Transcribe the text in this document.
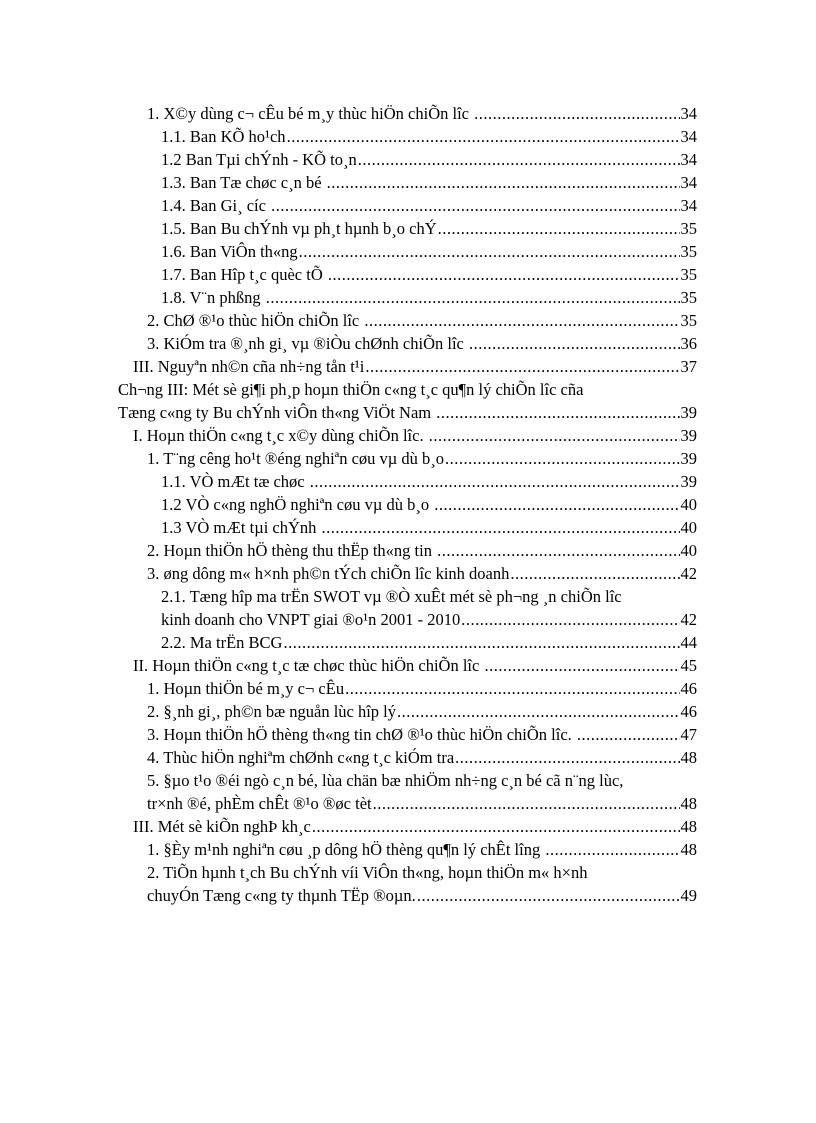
1. X©y dùng c¬ cÊu bé m¸y thùc hiÖn chiÕn lîc .....	34
1.1. Ban KÕ ho¹ch .....	34
1.2 Ban Tµi chÝnh - KÕ to¸n .....	34
1.3. Ban Tæ chøc c¸n bé .....	34
1.4. Ban Gi¸ cíc .....	34
1.5. Ban Bu chÝnh vµ ph¸t hµnh b¸o chÝ .....	35
1.6. Ban ViÔn th«ng .....	35
1.7. Ban Hîp t¸c quèc tÕ .....	35
1.8. V¨n phßng .....	35
2. ChØ ®¹o thùc hiÖn chiÕn lîc .....	35
3. KiÓm tra ®¸nh gi¸ vµ ®iÒu chØnh chiÕn lîc .....	36
III. Nguyªn nh©n cña nh÷ng tån t¹i .....	37
Ch¬ng III: Mét sè gi¶i ph¸p hoµn thiÖn c«ng t¸c qu¶n lý chiÕn lîc cña
Tæng c«ng ty Bu chÝnh viÔn th«ng ViÖt Nam .....	39
I. Hoµn thiÖn c«ng t¸c x©y dùng chiÕn lîc. .....	39
1. T¨ng cêng ho¹t ®éng nghiªn cøu vµ dù b¸o .....	39
1.1. VÒ mÆt tæ chøc .....	39
1.2 VÒ c«ng nghÖ nghiªn cøu vµ dù b¸o .....	40
1.3 VÒ mÆt tµi chÝnh .....	40
2. Hoµn thiÖn hÖ thèng thu thËp th«ng tin .....	40
3. øng dông m« h×nh ph©n tÝch chiÕn lîc kinh doanh .....	42
2.1. Tæng hîp ma trËn SWOT vµ ®Ò xuÊt mét sè ph¬ng ¸n chiÕn lîc
kinh doanh cho VNPT giai ®o¹n 2001 - 2010 .....	42
2.2. Ma trËn BCG .....	44
II. Hoµn thiÖn c«ng t¸c tæ chøc thùc hiÖn chiÕn lîc .....	45
1. Hoµn thiÖn bé m¸y c¬ cÊu .....	46
2. §¸nh gi¸, ph©n bæ nguån lùc hîp lý .....	46
3. Hoµn thiÖn hÖ thèng th«ng tin chØ ®¹o thùc hiÖn chiÕn lîc. .....	47
4. Thùc hiÖn nghiªm chØnh c«ng t¸c kiÓm tra .....	48
5. §µo t¹o ®éi ngò c¸n bé, lùa chän bæ nhiÖm nh÷ng c¸n bé cã n¨ng lùc,
tr×nh ®é, phÈm chÊt ®¹o ®øc tèt .....	48
III. Mét sè kiÕn nghÞ kh¸c .....	48
1. §Èy m¹nh nghiªn cøu ¸p dông hÖ thèng qu¶n lý chÊt lîng .....	48
2. TiÕn hµnh t¸ch Bu chÝnh víi ViÔn th«ng, hoµn thiÖn m« h×nh
chuyÓn Tæng c«ng ty thµnh TËp ®oµn. .....	49
